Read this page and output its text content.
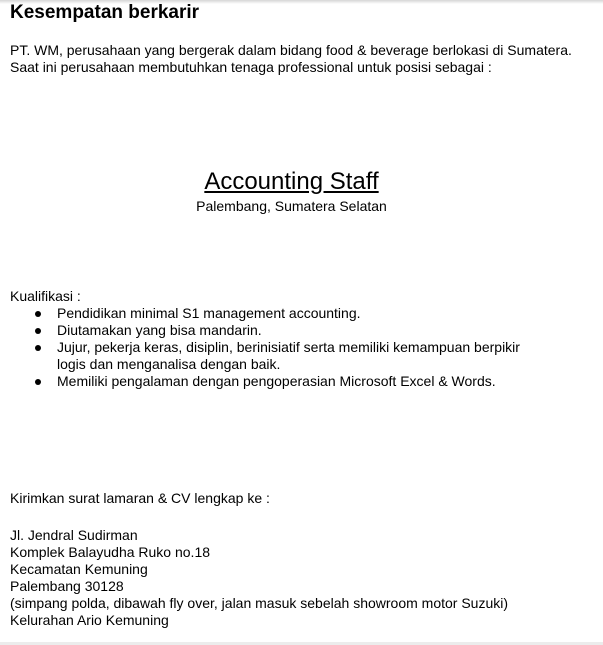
Kesempatan berkarir

PT. WM, perusahaan yang bergerak dalam bidang food & beverage berlokasi di Sumatera. Saat ini perusahaan membutuhkan tenaga professional untuk posisi sebagai :

Accounting Staff
Palembang, Sumatera Selatan
Kualifikasi :
Pendidikan minimal S1 management accounting.
Diutamakan yang bisa mandarin.
Jujur, pekerja keras, disiplin, berinisiatif serta memiliki kemampuan berpikir logis dan menganalisa dengan baik.
Memiliki pengalaman dengan pengoperasian Microsoft Excel & Words.
Kirimkan surat lamaran & CV lengkap ke :
Jl. Jendral Sudirman
Komplek Balayudha Ruko no.18
Kecamatan Kemuning
Palembang 30128
(simpang polda, dibawah fly over, jalan masuk sebelah showroom motor Suzuki)
Kelurahan Ario Kemuning
